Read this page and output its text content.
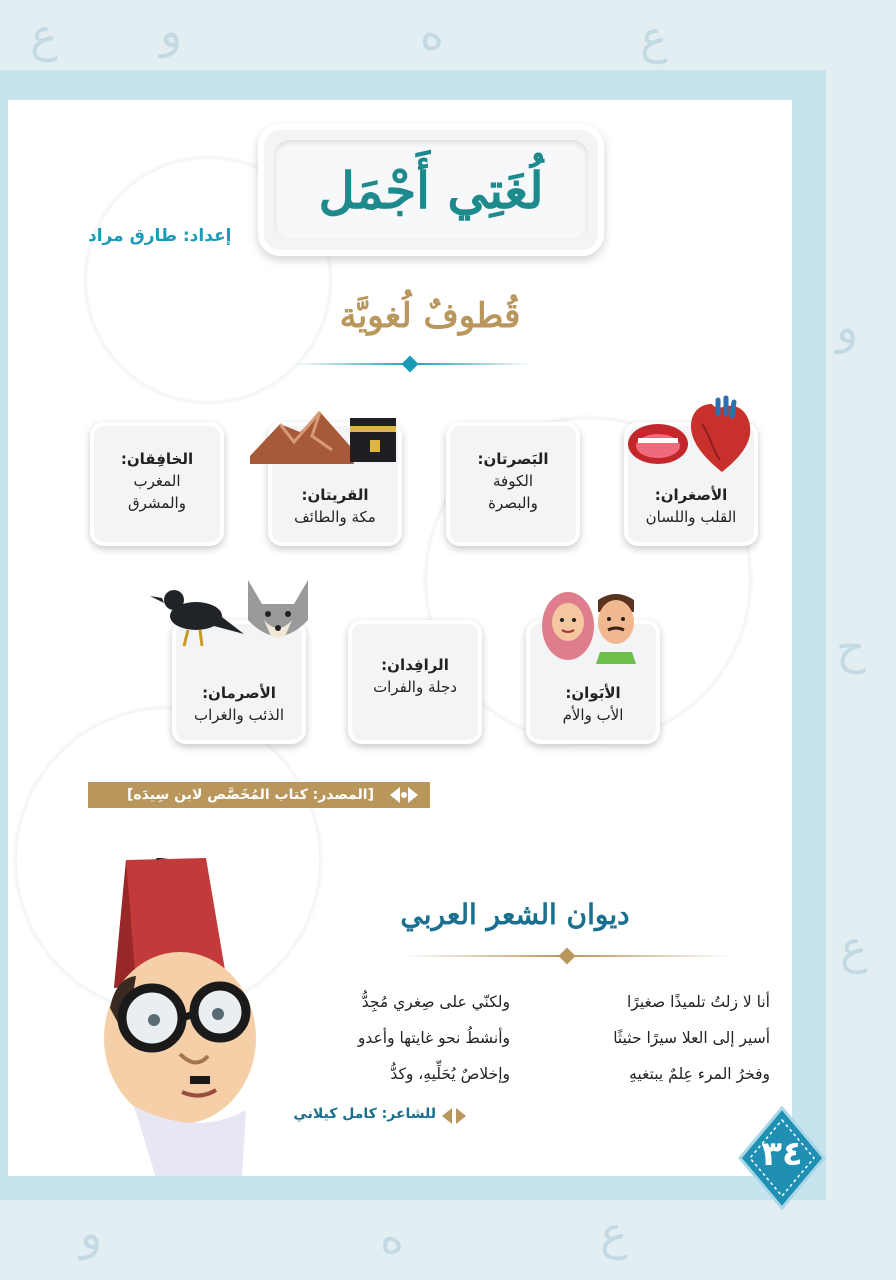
ع و	ه	ع
و
ح
ع
و	ه	ع
لُغَتِي أَجْمَل
إعداد: طارق مراد
قُطوفٌ لُغويَّة
الأصغران:
القلب واللسان
البَصرتان:
الكوفة
والبصرة
القريتان:
مكة والطائف
الخافِقان:
المغرب
والمشرق
الأبَوان:
الأب والأم
الرافِدان:
دجلة والفرات
الأصرمان:
الذئب والغراب
[المصدر: كتاب المُخَصَّص لابن سِيدَه]
ديوان الشعر العربي
أنا لا زلتُ تلميذًا صغيرًا
أسير إلى العلا سيرًا حثيثًا
وفخرُ المرء عِلمٌ يبتغيهِ
ولكنّي على صِغري مُجِدُّ
وأنشطُ نحو غايتها وأعدو
وإخلاصٌ يُحَلِّيهِ، وكدُّ
للشاعر: كامل كيلاني
٣٤
